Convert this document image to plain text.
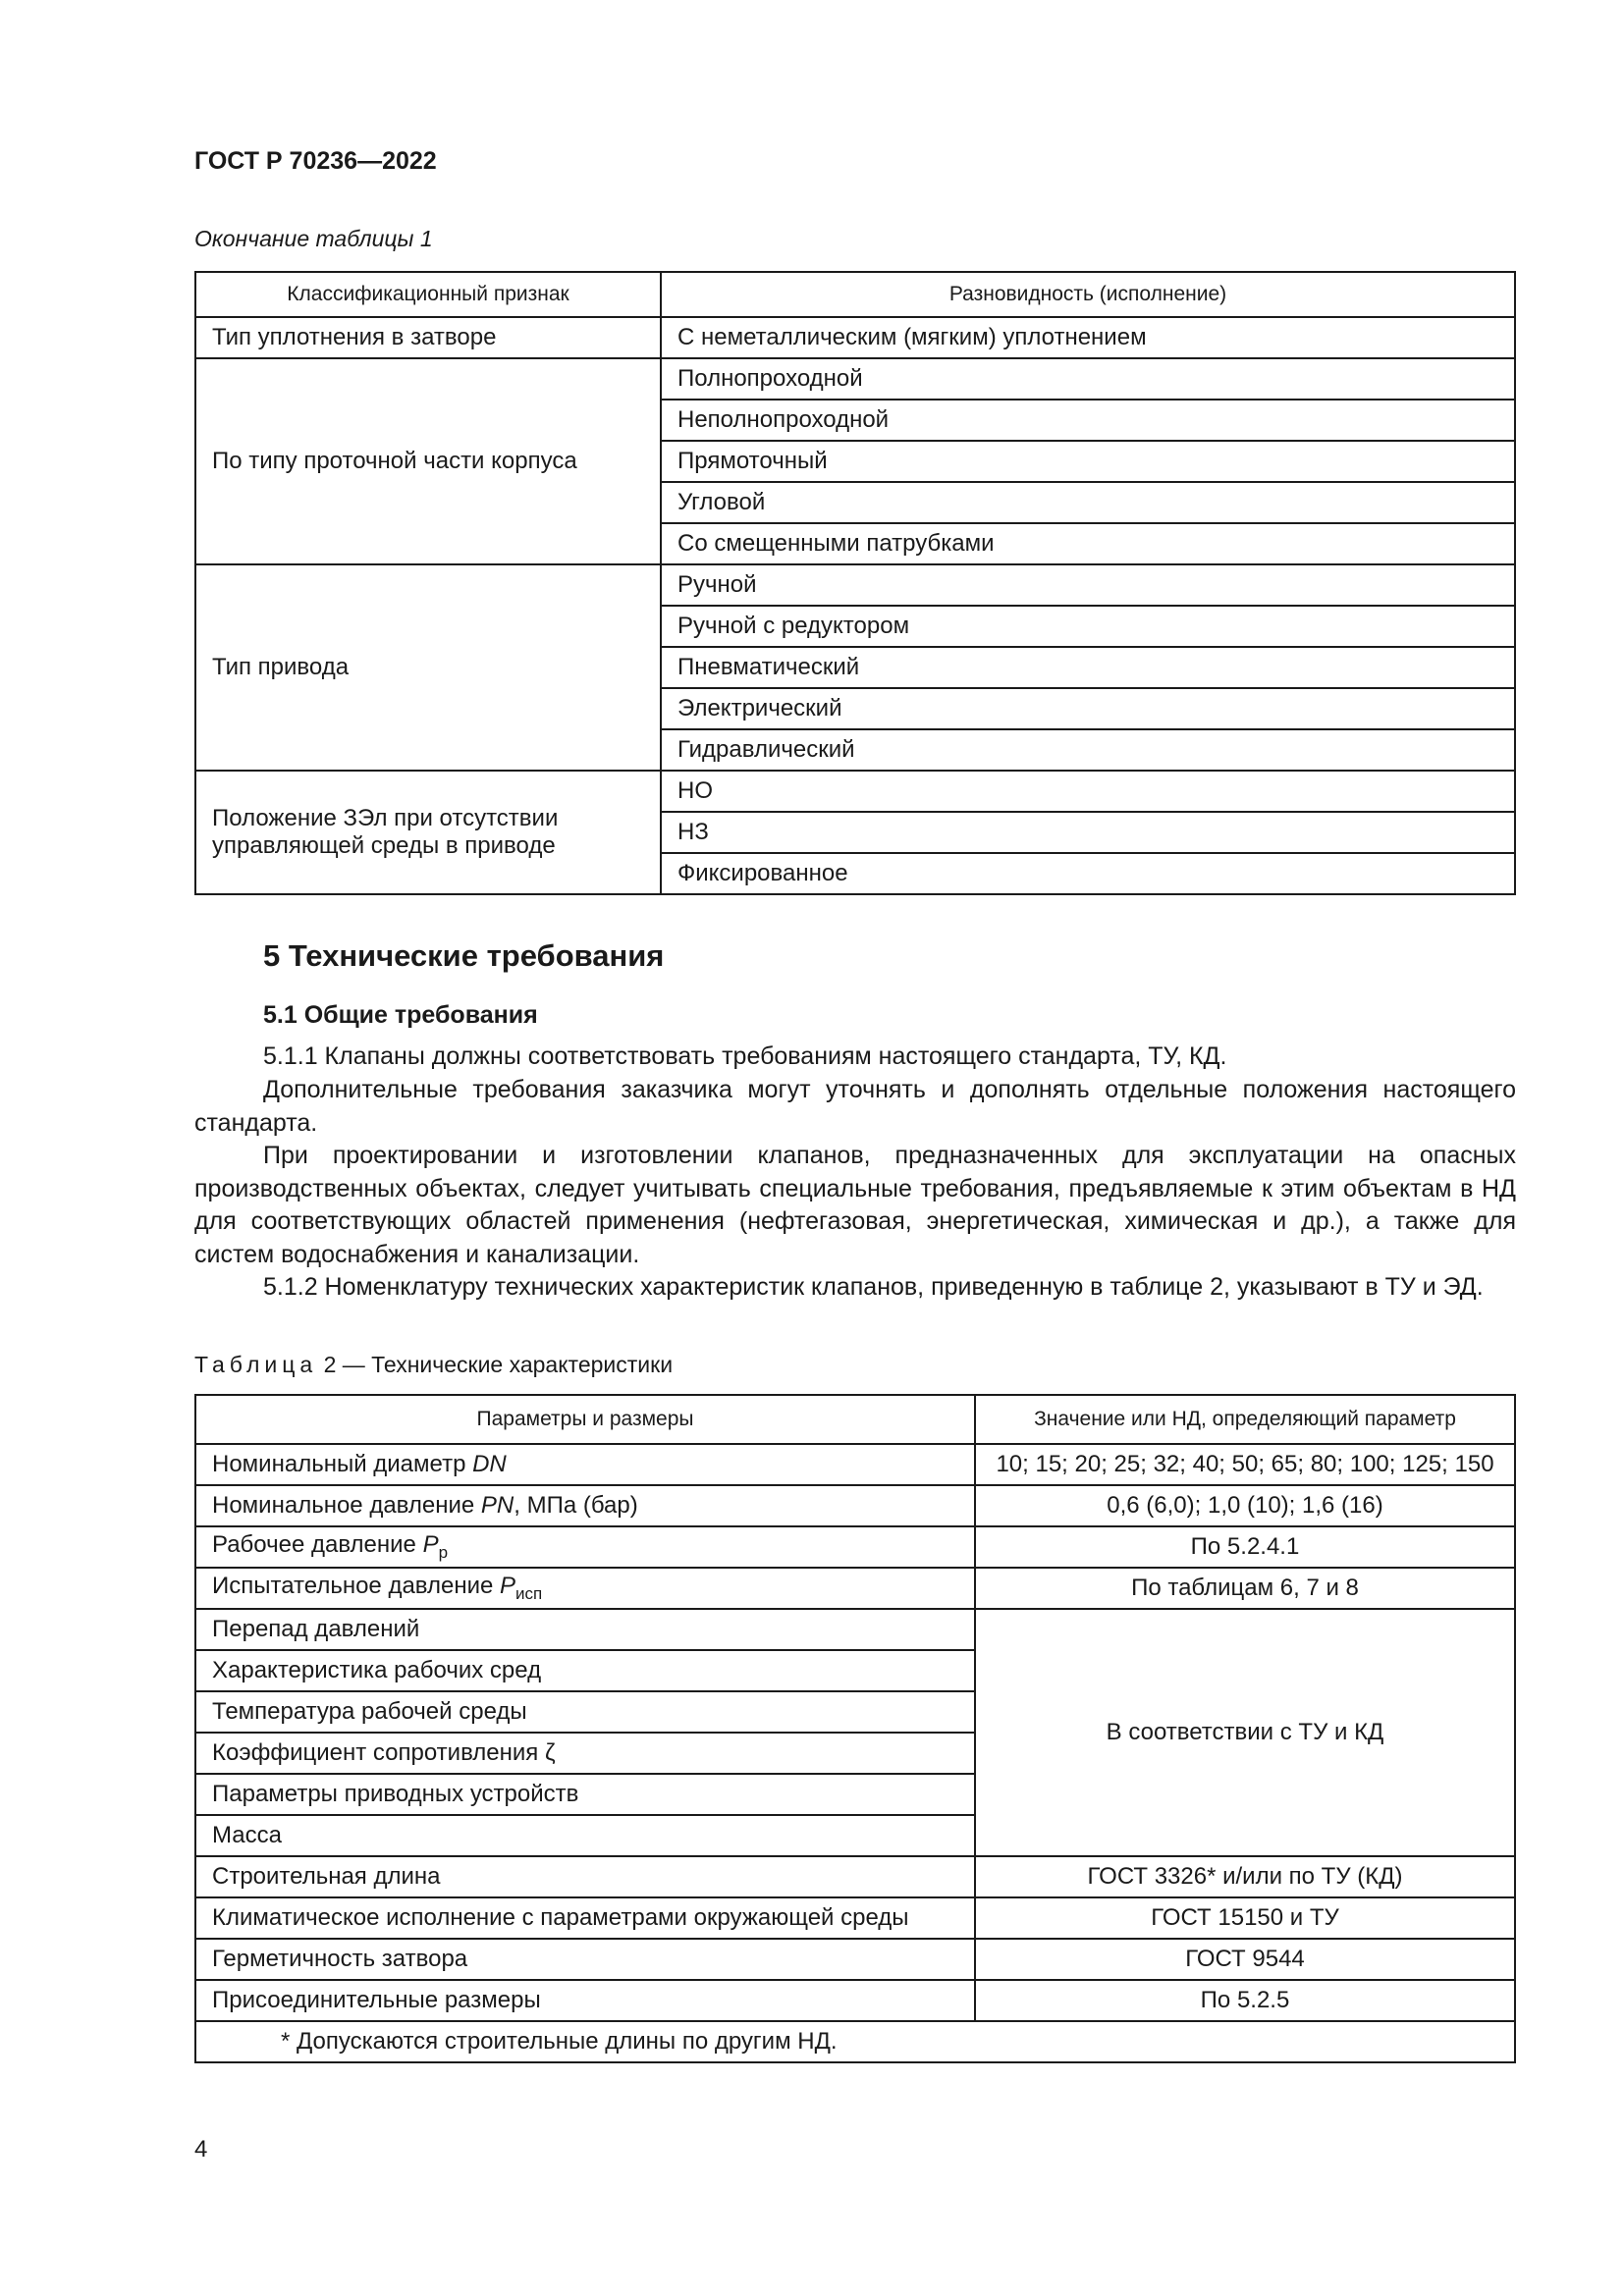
ГОСТ Р 70236—2022
Окончание таблицы 1
Классификационный признак	Разновидность (исполнение)
Тип уплотнения в затворе	С неметаллическим (мягким) уплотнением
По типу проточной части корпуса	Полнопроходной
	Неполнопроходной
	Прямоточный
	Угловой
	Со смещенными патрубками
Тип привода	Ручной
	Ручной с редуктором
	Пневматический
	Электрический
	Гидравлический
Положение ЗЭл при отсутствии управляющей среды в приводе	НО
	НЗ
	Фиксированное
5 Технические требования
5.1 Общие требования
5.1.1 Клапаны должны соответствовать требованиям настоящего стандарта, ТУ, КД.
Дополнительные требования заказчика могут уточнять и дополнять отдельные положения настоящего стандарта.
При проектировании и изготовлении клапанов, предназначенных для эксплуатации на опасных производственных объектах, следует учитывать специальные требования, предъявляемые к этим объектам в НД для соответствующих областей применения (нефтегазовая, энергетическая, химическая и др.), а также для систем водоснабжения и канализации.
5.1.2 Номенклатуру технических характеристик клапанов, приведенную в таблице 2, указывают в ТУ и ЭД.
Таблица 2 — Технические характеристики
Параметры и размеры	Значение или НД, определяющий параметр
Номинальный диаметр DN	10; 15; 20; 25; 32; 40; 50; 65; 80; 100; 125; 150
Номинальное давление PN, МПа (бар)	0,6 (6,0); 1,0 (10); 1,6 (16)
Рабочее давление $P_р$	По 5.2.4.1
Испытательное давление $P_{исп}$	По таблицам 6, 7 и 8
Перепад давлений	В соответствии с ТУ и КД
Характеристика рабочих сред	
Температура рабочей среды	
Коэффициент сопротивления ζ	
Параметры приводных устройств	
Масса	
Строительная длина	ГОСТ 3326* и/или по ТУ (КД)
Климатическое исполнение с параметрами окружающей среды	ГОСТ 15150 и ТУ
Герметичность затвора	ГОСТ 9544
Присоединительные размеры	По 5.2.5
* Допускаются строительные длины по другим НД.	
4
